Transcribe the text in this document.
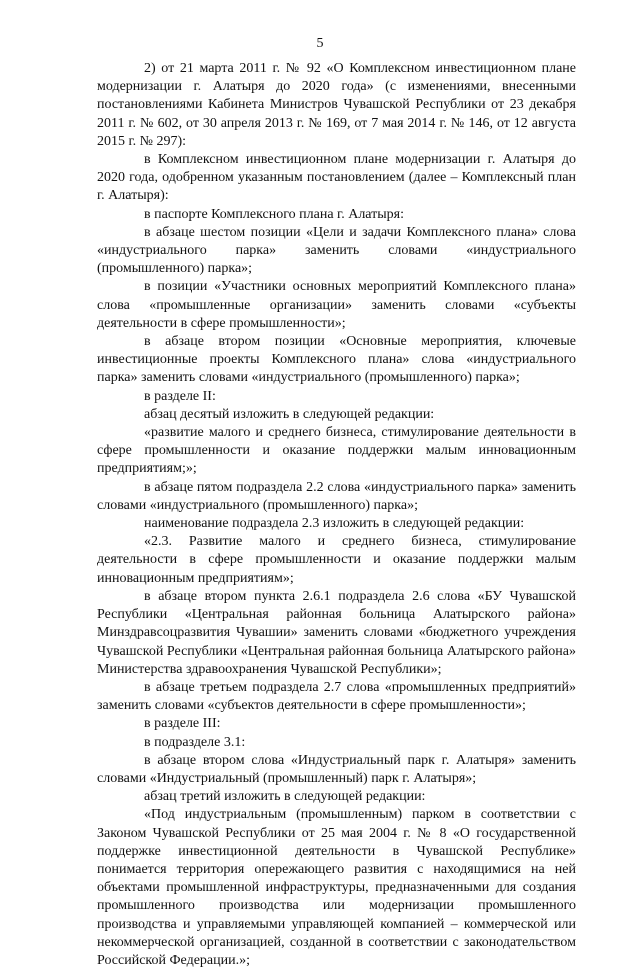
5

2) от 21 марта 2011 г. № 92 «О Комплексном инвестиционном плане модернизации г. Алатыря до 2020 года» (с изменениями, внесенными постановлениями Кабинета Министров Чувашской Республики от 23 декабря 2011 г. № 602, от 30 апреля 2013 г. № 169, от 7 мая 2014 г. № 146, от 12 августа 2015 г. № 297):

в Комплексном инвестиционном плане модернизации г. Алатыря до 2020 года, одобренном указанным постановлением (далее – Комплексный план г. Алатыря):

в паспорте Комплексного плана г. Алатыря:

в абзаце шестом позиции «Цели и задачи Комплексного плана» слова «индустриального парка» заменить словами «индустриального (промышленного) парка»;

в позиции «Участники основных мероприятий Комплексного плана» слова «промышленные организации» заменить словами «субъекты деятельности в сфере промышленности»;

в абзаце втором позиции «Основные мероприятия, ключевые инвестиционные проекты Комплексного плана» слова «индустриального парка» заменить словами «индустриального (промышленного) парка»;

в разделе II:

абзац десятый изложить в следующей редакции:

«развитие малого и среднего бизнеса, стимулирование деятельности в сфере промышленности и оказание поддержки малым инновационным предприятиям;»;

в абзаце пятом подраздела 2.2 слова «индустриального парка» заменить словами «индустриального (промышленного) парка»;

наименование подраздела 2.3 изложить в следующей редакции:

«2.3. Развитие малого и среднего бизнеса, стимулирование деятельности в сфере промышленности и оказание поддержки малым инновационным предприятиям»;

в абзаце втором пункта 2.6.1 подраздела 2.6 слова «БУ Чувашской Республики «Центральная районная больница Алатырского района» Минздравсоцразвития Чувашии» заменить словами «бюджетного учреждения Чувашской Республики «Центральная районная больница Алатырского района» Министерства здравоохранения Чувашской Республики»;

в абзаце третьем подраздела 2.7 слова «промышленных предприятий» заменить словами «субъектов деятельности в сфере промышленности»;

в разделе III:

в подразделе 3.1:

в абзаце втором слова «Индустриальный парк г. Алатыря» заменить словами «Индустриальный (промышленный) парк г. Алатыря»;

абзац третий изложить в следующей редакции:

«Под индустриальным (промышленным) парком в соответствии с Законом Чувашской Республики от 25 мая 2004 г. № 8 «О государственной поддержке инвестиционной деятельности в Чувашской Республике» понимается территория опережающего развития с находящимися на ней объектами промышленной инфраструктуры, предназначенными для создания промышленного производства или модернизации промышленного производства и управляемыми управляющей компанией – коммерческой или некоммерческой организацией, созданной в соответствии с законодательством Российской Федерации.»;
